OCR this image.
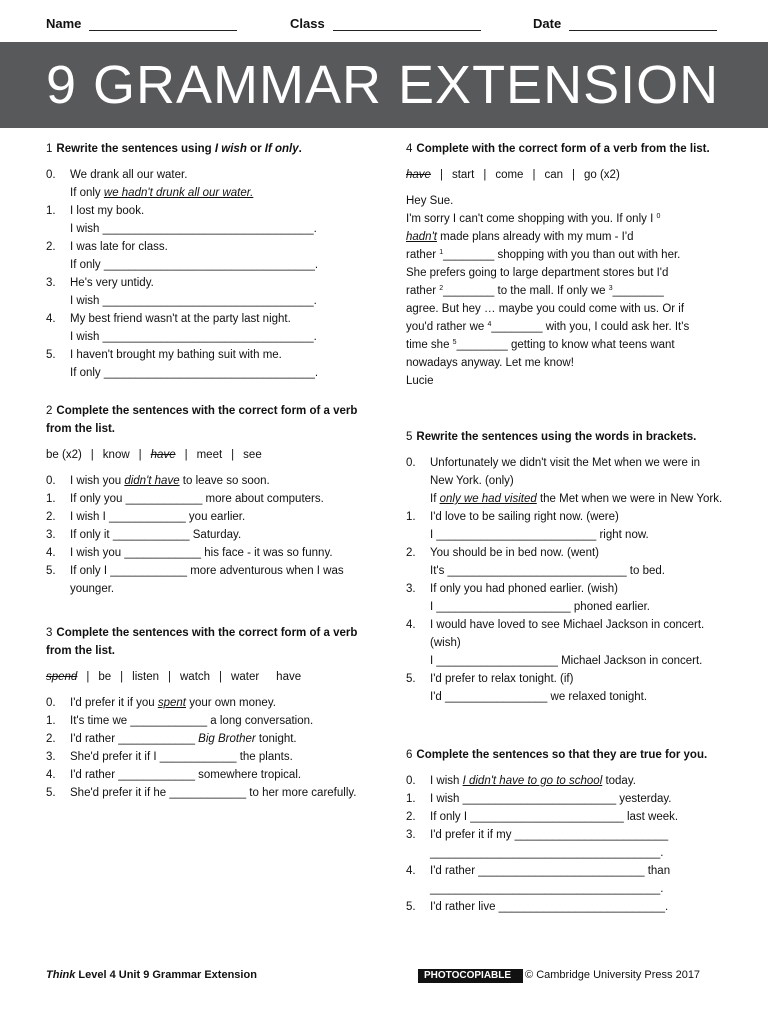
Name	Class	Date
9 GRAMMAR EXTENSION

1 Rewrite the sentences using I wish or If only.

0. We drank all our water.
If only we hadn't drunk all our water.
1. I lost my book.
I wish _________________________________.
2. I was late for class.
If only _________________________________.
3. He's very untidy.
I wish _________________________________.
4. My best friend wasn't at the party last night.
I wish _________________________________.
5. I haven't brought my bathing suit with me.
If only _________________________________.

2 Complete the sentences with the correct form of a verb from the list.

be (x2) | know | have | meet | see
0. I wish you didn't have to leave so soon.
1. If only you ____________ more about computers.
2. I wish I ____________ you earlier.
3. If only it ____________ Saturday.
4. I wish you ____________ his face - it was so funny.
5. If only I ____________ more adventurous when I was younger.

3 Complete the sentences with the correct form of a verb from the list.

spend | be | listen | watch | water have
0. I'd prefer it if you spent your own money.
1. It's time we ____________ a long conversation.
2. I'd rather ____________ Big Brother tonight.
3. She'd prefer it if I ____________ the plants.
4. I'd rather ____________ somewhere tropical.
5. She'd prefer it if he ____________ to her more carefully.

4 Complete with the correct form of a verb from the list.

have | start | come | can | go (x2)

Hey Sue.

I'm sorry I can't come shopping with you. If only I $^0$

hadn't made plans already with my mum - I'd

rather $^1$________ shopping with you than out with her.

She prefers going to large department stores but I'd

rather $^2$________ to the mall. If only we $^3$________

agree. But hey … maybe you could come with us. Or if

you'd rather we $^4$________ with you, I could ask her. It's

time she $^5$________ getting to know what teens want

nowadays anyway. Let me know!

Lucie

5 Rewrite the sentences using the words in brackets.

0. Unfortunately we didn't visit the Met when we were in New York. (only)
If only we had visited the Met when we were in New York.
1. I'd love to be sailing right now. (were)
I _________________________ right now.
2. You should be in bed now. (went)
It's ____________________________ to bed.
3. If only you had phoned earlier. (wish)
I _____________________ phoned earlier.
4. I would have loved to see Michael Jackson in concert. (wish)
I ___________________ Michael Jackson in concert.
5. I'd prefer to relax tonight. (if)
I'd ________________ we relaxed tonight.

6 Complete the sentences so that they are true for you.

0. I wish I didn't have to go to school today.
1. I wish ________________________ yesterday.
2. If only I ________________________ last week.
3. I'd prefer it if my ________________________
____________________________________.
4. I'd rather __________________________ than
____________________________________.
5. I'd rather live __________________________.
Think Level 4 Unit 9 Grammar Extension	PHOTOCOPIABLE © Cambridge University Press 2017
